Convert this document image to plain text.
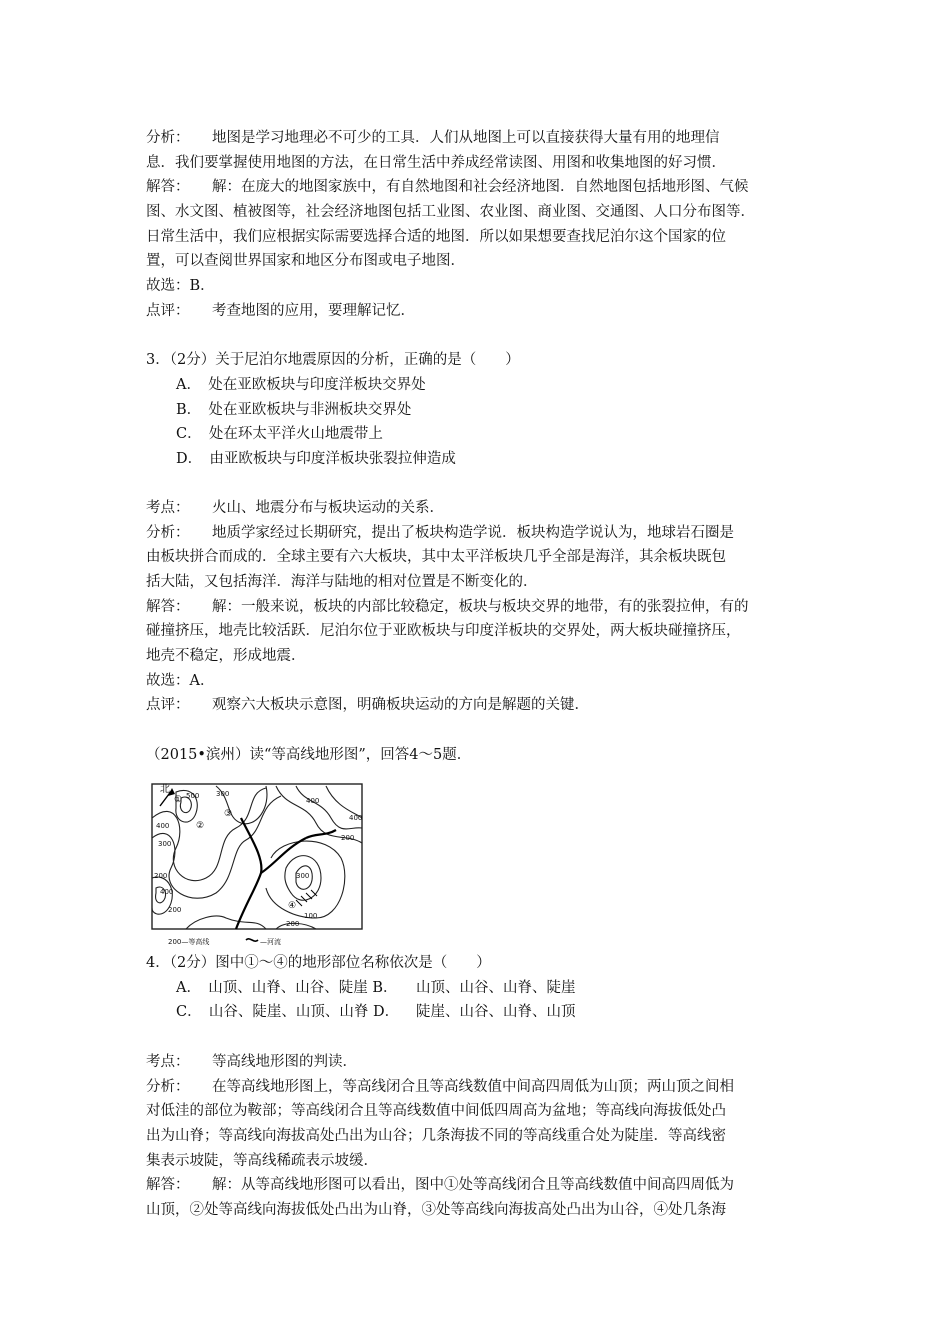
分析： 地图是学习地理必不可少的工具．人们从地图上可以直接获得大量有用的地理信
息．我们要掌握使用地图的方法，在日常生活中养成经常读图、用图和收集地图的好习惯．
解答： 解：在庞大的地图家族中，有自然地图和社会经济地图．自然地图包括地形图、气候
图、水文图、植被图等，社会经济地图包括工业图、农业图、商业图、交通图、人口分布图等．
日常生活中，我们应根据实际需要选择合适的地图．所以如果想要查找尼泊尔这个国家的位
置，可以查阅世界国家和地区分布图或电子地图．
故选：B．
点评： 考查地图的应用，要理解记忆．
3．（2分）关于尼泊尔地震原因的分析，正确的是（　　）
A．　处在亚欧板块与印度洋板块交界处
B．　处在亚欧板块与非洲板块交界处
C．　处在环太平洋火山地震带上
D．　由亚欧板块与印度洋板块张裂拉伸造成
考点： 火山、地震分布与板块运动的关系．
分析： 地质学家经过长期研究，提出了板块构造学说．板块构造学说认为，地球岩石圈是
由板块拼合而成的．全球主要有六大板块，其中太平洋板块几乎全部是海洋，其余板块既包
括大陆，又包括海洋．海洋与陆地的相对位置是不断变化的．
解答： 解：一般来说，板块的内部比较稳定，板块与板块交界的地带，有的张裂拉伸，有的
碰撞挤压，地壳比较活跃．尼泊尔位于亚欧板块与印度洋板块的交界处，两大板块碰撞挤压，
地壳不稳定，形成地震．
故选：A．
点评： 观察六大板块示意图，明确板块运动的方向是解题的关键．
（2015•滨州）读“等高线地形图”，回答4～5题．
北
500
400
300
200
400
300
400
200
400
100
200
200
300
①
②
③
④
200—等高线	—河流
4．（2分）图中①～④的地形部位名称依次是（　　）
A．　山顶、山脊、山谷、陡崖 B． 山顶、山谷、山脊、陡崖
C．　山谷、陡崖、山顶、山脊 D． 陡崖、山谷、山脊、山顶
考点： 等高线地形图的判读．
分析： 在等高线地形图上，等高线闭合且等高线数值中间高四周低为山顶；两山顶之间相
对低洼的部位为鞍部；等高线闭合且等高线数值中间低四周高为盆地；等高线向海拔低处凸
出为山脊；等高线向海拔高处凸出为山谷；几条海拔不同的等高线重合处为陡崖．等高线密
集表示坡陡，等高线稀疏表示坡缓．
解答： 解：从等高线地形图可以看出，图中①处等高线闭合且等高线数值中间高四周低为
山顶，②处等高线向海拔低处凸出为山脊，③处等高线向海拔高处凸出为山谷，④处几条海
